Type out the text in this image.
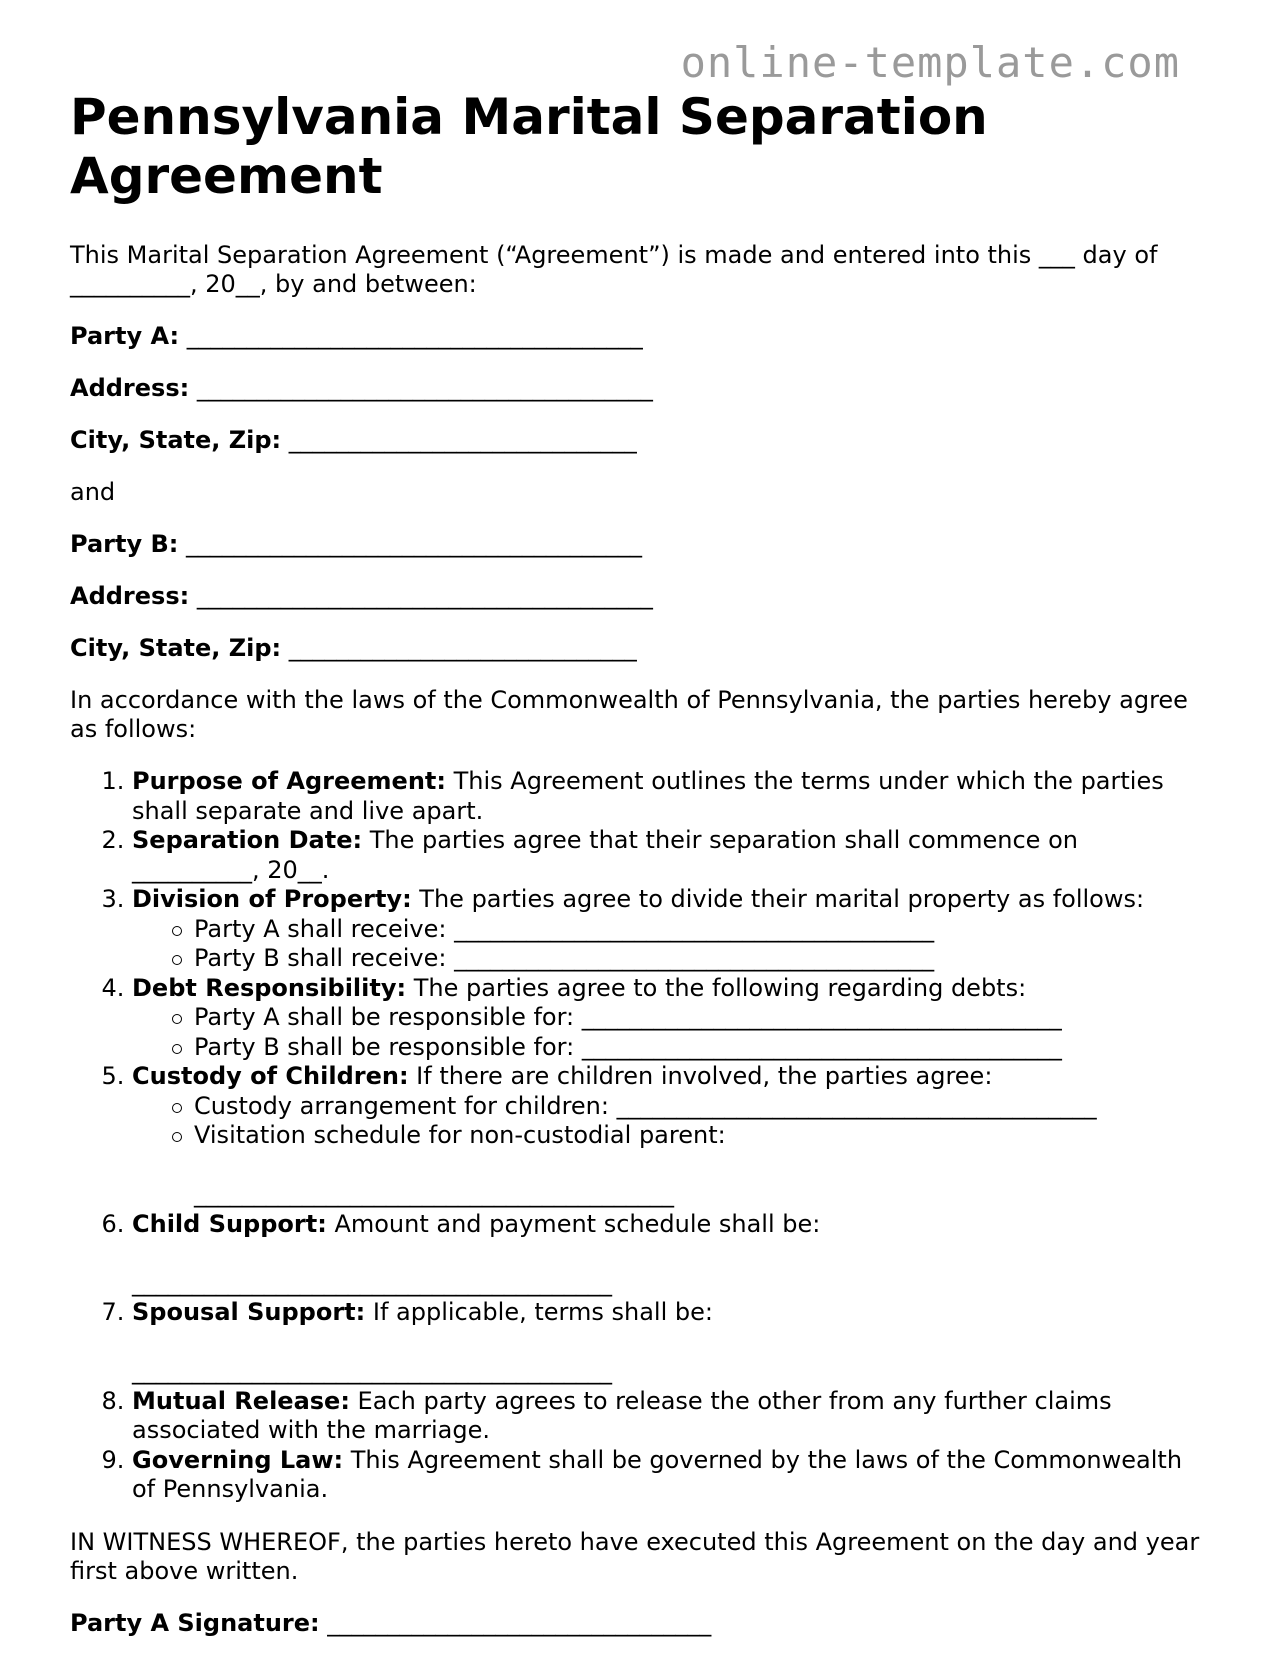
online-template.com
Pennsylvania Marital Separation Agreement

This Marital Separation Agreement (“Agreement”) is made and entered into this ___ day of __________, 20__, by and between:

Party A: ______________________________________

Address: ______________________________________

City, State, Zip: _____________________________

and

Party B: ______________________________________

Address: ______________________________________

City, State, Zip: _____________________________

In accordance with the laws of the Commonwealth of Pennsylvania, the parties hereby agree as follows:

1. Purpose of Agreement: This Agreement outlines the terms under which the parties shall separate and live apart.
2. Separation Date: The parties agree that their separation shall commence on __________, 20__.
3. Division of Property: The parties agree to divide their marital property as follows:
Party A shall receive: ________________________________________
Party B shall receive: ________________________________________
4. Debt Responsibility: The parties agree to the following regarding debts:
Party A shall be responsible for: ________________________________________
Party B shall be responsible for: ________________________________________
5. Custody of Children: If there are children involved, the parties agree:
Custody arrangement for children: ________________________________________
Visitation schedule for non-custodial parent:

________________________________________
6. Child Support: Amount and payment schedule shall be:

________________________________________
7. Spousal Support: If applicable, terms shall be:

________________________________________
8. Mutual Release: Each party agrees to release the other from any further claims associated with the marriage.
9. Governing Law: This Agreement shall be governed by the laws of the Commonwealth of Pennsylvania.

IN WITNESS WHEREOF, the parties hereto have executed this Agreement on the day and year first above written.

Party A Signature: ________________________________
